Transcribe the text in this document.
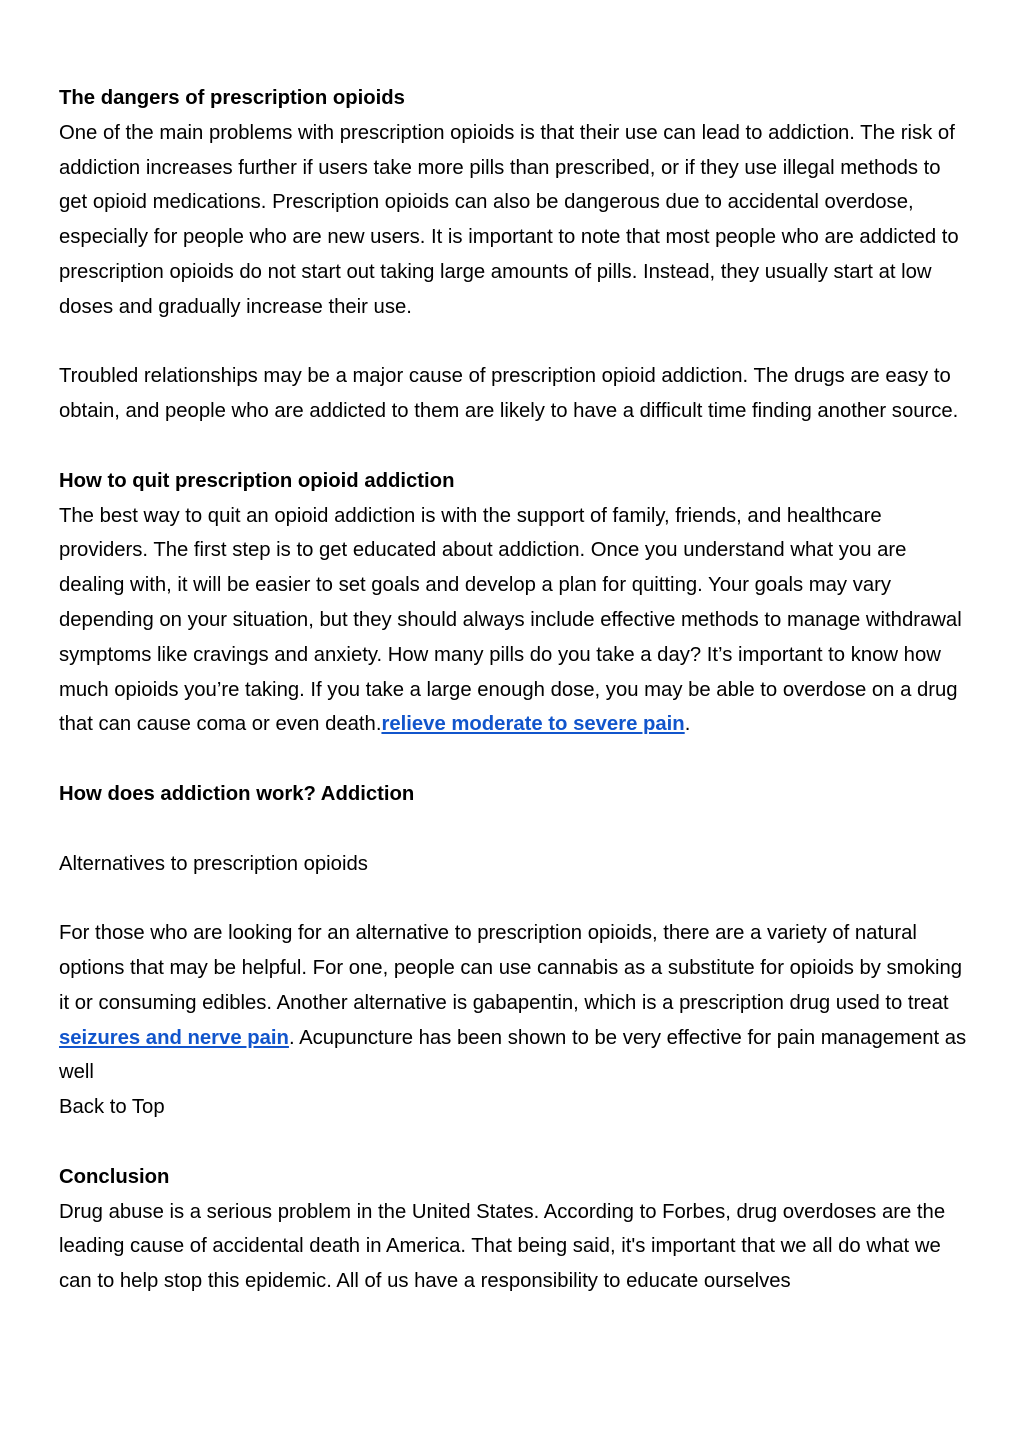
The dangers of prescription opioids

One of the main problems with prescription opioids is that their use can lead to addiction. The risk of addiction increases further if users take more pills than prescribed, or if they use illegal methods to get opioid medications. Prescription opioids can also be dangerous due to accidental overdose, especially for people who are new users. It is important to note that most people who are addicted to prescription opioids do not start out taking large amounts of pills. Instead, they usually start at low doses and gradually increase their use.

Troubled relationships may be a major cause of prescription opioid addiction. The drugs are easy to obtain, and people who are addicted to them are likely to have a difficult time finding another source.

How to quit prescription opioid addiction

The best way to quit an opioid addiction is with the support of family, friends, and healthcare providers. The first step is to get educated about addiction. Once you understand what you are dealing with, it will be easier to set goals and develop a plan for quitting. Your goals may vary depending on your situation, but they should always include effective methods to manage withdrawal symptoms like cravings and anxiety. How many pills do you take a day? It’s important to know how much opioids you’re taking. If you take a large enough dose, you may be able to overdose on a drug that can cause coma or even death.relieve moderate to severe pain.

How does addiction work? Addiction

Alternatives to prescription opioids

For those who are looking for an alternative to prescription opioids, there are a variety of natural options that may be helpful. For one, people can use cannabis as a substitute for opioids by smoking it or consuming edibles. Another alternative is gabapentin, which is a prescription drug used to treat seizures and nerve pain. Acupuncture has been shown to be very effective for pain management as well

Back to Top

Conclusion

Drug abuse is a serious problem in the United States. According to Forbes, drug overdoses are the leading cause of accidental death in America. That being said, it's important that we all do what we can to help stop this epidemic. All of us have a responsibility to educate ourselves
